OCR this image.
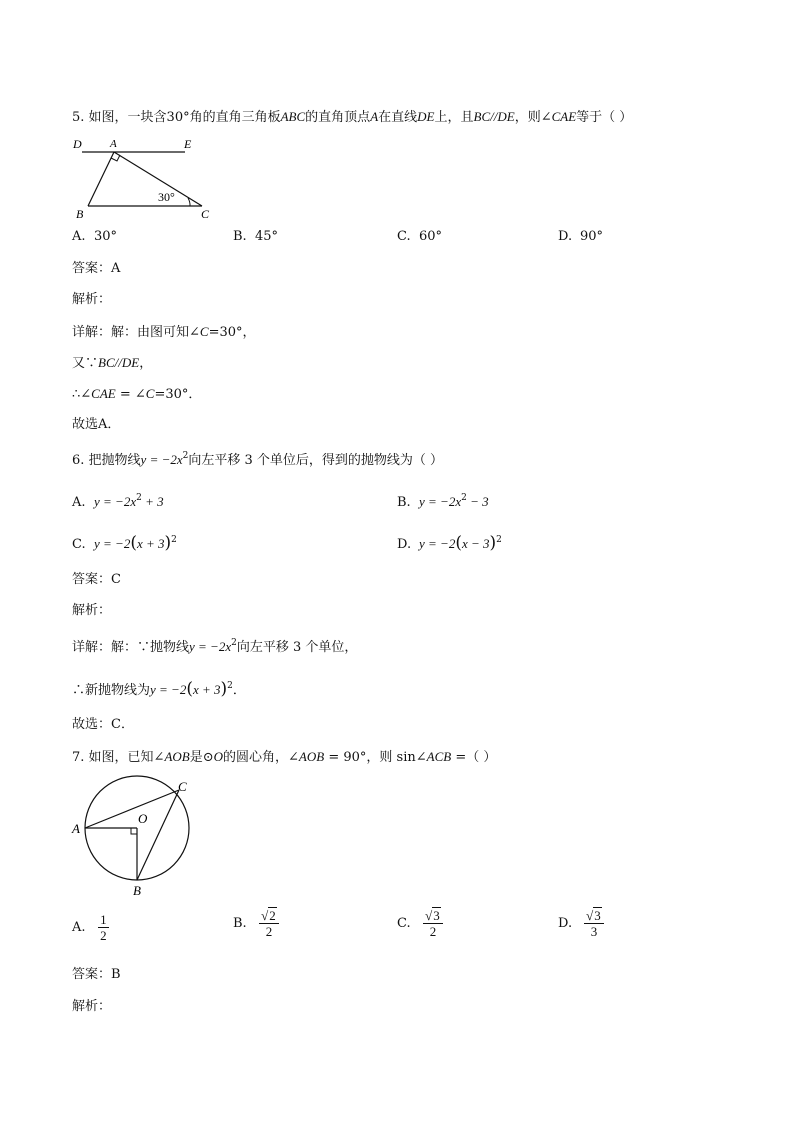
5. 如图，一块含30°角的直角三角板ABC的直角顶点A在直线DE上，且BC//DE，则∠CAE等于（ ）
D	A	E
B	C
30°
A. 30°	B. 45°	C. 60°	D. 90°
答案：A
解析：
详解：解：由图可知∠C=30°，
又∵BC//DE，
∴∠CAE = ∠C=30°．
故选A．
6. 把抛物线$y = -2x^2$向左平移 3 个单位后，得到的抛物线为（ ）
A. $y = -2x^2 + 3$	B. $y = -2x^2 - 3$
C. $y = -2(x + 3)^2$	D. $y = -2(x - 3)^2$
答案：C
解析：
详解：解：∵抛物线$y = -2x^2$向左平移 3 个单位，
∴新抛物线为$y = -2(x + 3)^2$．
故选：C．
7. 如图，已知∠AOB是⊙O的圆心角，∠AOB = 90°，则 sin∠ACB =（ ）
A
O
C
B
A. $\frac{1}{2}$	B. $\frac{√2}{2}$	C. $\frac{√3}{2}$	D. $\frac{√3}{3}$
答案：B
解析：
